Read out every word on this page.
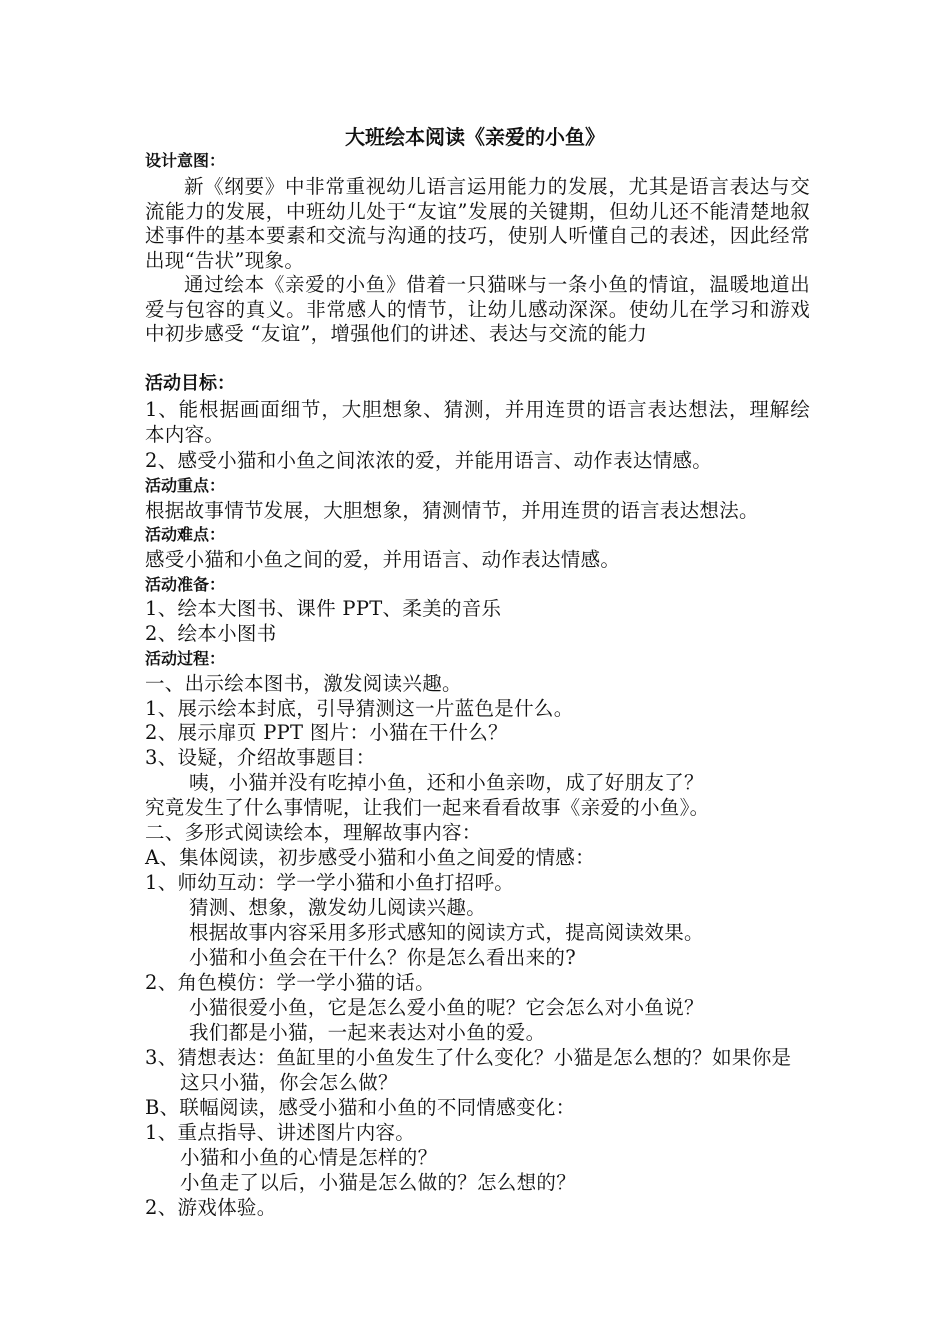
大班绘本阅读《亲爱的小鱼》
设计意图：
新《纲要》中非常重视幼儿语言运用能力的发展，尤其是语言表达与交流能力的发展，中班幼儿处于“友谊”发展的关键期，但幼儿还不能清楚地叙述事件的基本要素和交流与沟通的技巧，使别人听懂自己的表述，因此经常出现“告状”现象。
通过绘本《亲爱的小鱼》借着一只猫咪与一条小鱼的情谊，温暖地道出爱与包容的真义。非常感人的情节，让幼儿感动深深。使幼儿在学习和游戏中初步感受 “友谊”，增强他们的讲述、表达与交流的能力
活动目标：
1、能根据画面细节，大胆想象、猜测，并用连贯的语言表达想法，理解绘本内容。
2、感受小猫和小鱼之间浓浓的爱，并能用语言、动作表达情感。
活动重点：
根据故事情节发展，大胆想象，猜测情节，并用连贯的语言表达想法。
活动难点：
感受小猫和小鱼之间的爱，并用语言、动作表达情感。
活动准备：
1、绘本大图书、课件 PPT、柔美的音乐
2、绘本小图书
活动过程：
一、出示绘本图书，激发阅读兴趣。
1、展示绘本封底，引导猜测这一片蓝色是什么。
2、展示扉页 PPT 图片：小猫在干什么？
3、设疑，介绍故事题目：
咦，小猫并没有吃掉小鱼，还和小鱼亲吻，成了好朋友了？
究竟发生了什么事情呢，让我们一起来看看故事《亲爱的小鱼》。
二、多形式阅读绘本，理解故事内容：
A、集体阅读，初步感受小猫和小鱼之间爱的情感：
1、师幼互动：学一学小猫和小鱼打招呼。
猜测、想象，激发幼儿阅读兴趣。
根据故事内容采用多形式感知的阅读方式，提高阅读效果。
小猫和小鱼会在干什么？你是怎么看出来的?
2、角色模仿：学一学小猫的话。
小猫很爱小鱼，它是怎么爱小鱼的呢？它会怎么对小鱼说？
我们都是小猫，一起来表达对小鱼的爱。
3、猜想表达：鱼缸里的小鱼发生了什么变化？小猫是怎么想的？如果你是这只小猫，你会怎么做？
B、联幅阅读，感受小猫和小鱼的不同情感变化：
1、重点指导、讲述图片内容。
小猫和小鱼的心情是怎样的？
小鱼走了以后，小猫是怎么做的？怎么想的？
2、游戏体验。
